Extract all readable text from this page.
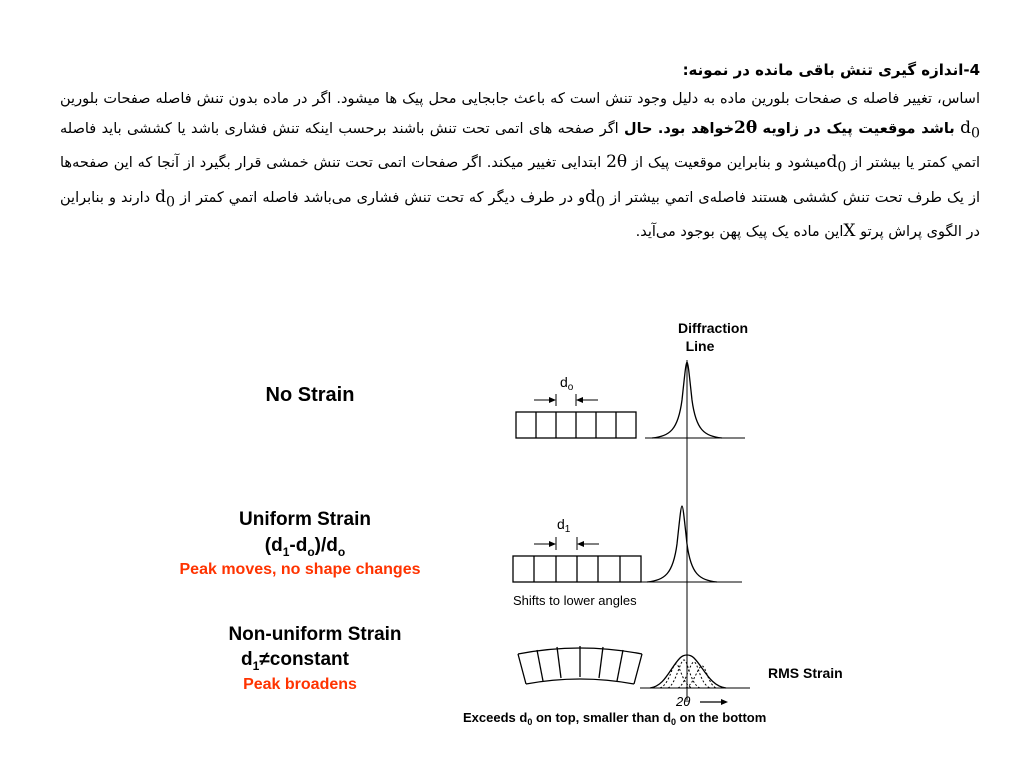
4-اندازه گیری تنش باقی مانده در نمونه:
اساس، تغییر فاصله ی صفحات بلورین ماده به دلیل وجود تنش است که باعث جابجایی محل پیک ها میشود. اگر در ماده بدون تنش فاصله صفحات بلورین $d_0$ باشد موقعیت پیک در زاویه 2θخواهد بود. حال اگر صفحه های اتمی تحت تنش باشند برحسب اینکه تنش فشاری باشد یا کششی باید فاصله اتمي کمتر یا بیشتر از $d_0میشود$ و بنابراین موقعیت پیک از 2θ ابتدایی تغییر میکند. اگر صفحات اتمی تحت تنش خمشی قرار بگیرد از آنجا که این صفحه‌ها از یک طرف تحت تنش کششی هستند فاصله‌ی اتمي بیشتر از $d_0و$ در طرف دیگر که تحت تنش فشاری می‌باشد فاصله اتمي کمتر از $d_0$ دارند و بنابراین در الگوی پراش پرتو Xاین ماده یک پیک پهن بوجود می‌آید.
No Strain
Uniform Strain
$(d_1-d_o)/d_o$
Peak moves, no shape changes
Non-uniform Strain
$d_1\ne constant$
Peak broadens
Diffraction
Line
$d_o$
$d_1$
Shifts to lower angles
RMS Strain
2θ
Exceeds $d_0$ on top, smaller than $d_0$ on the bottom
